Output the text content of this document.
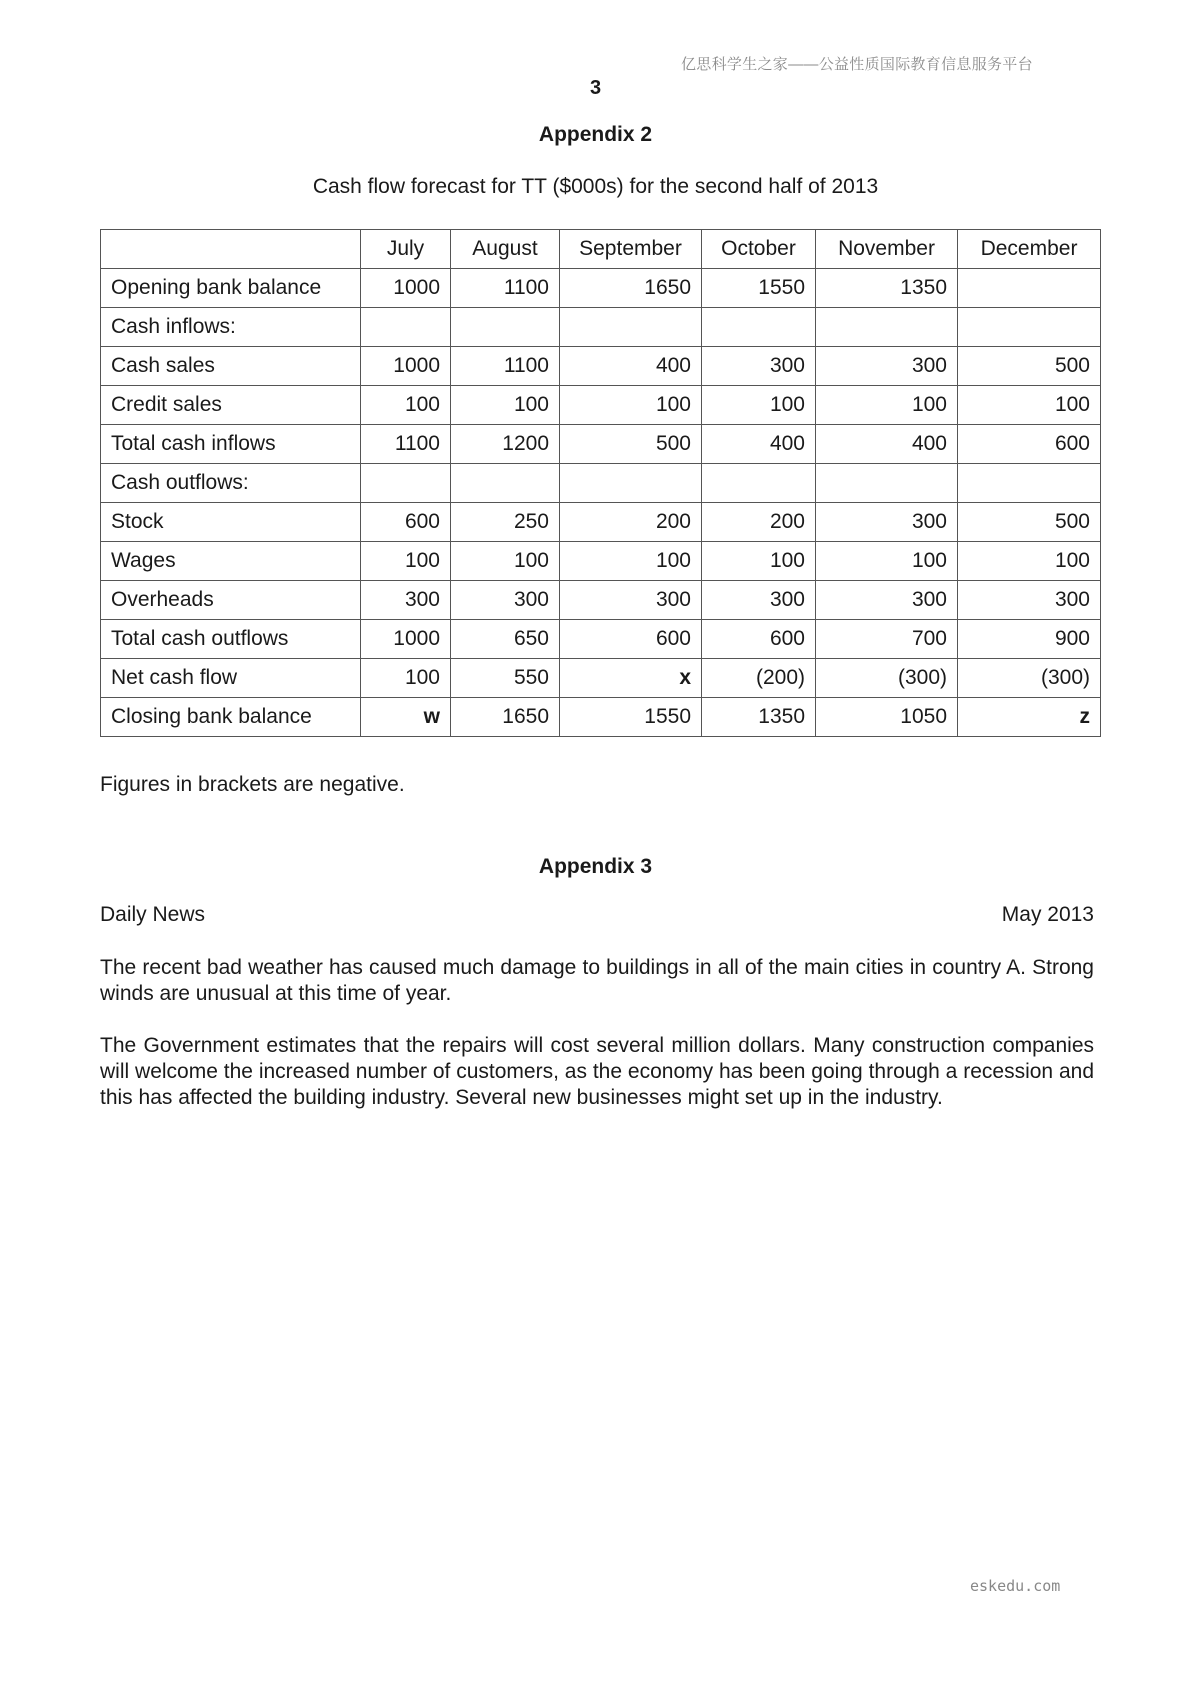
亿思科学生之家——公益性质国际教育信息服务平台
3
Appendix 2
Cash flow forecast for TT ($000s) for the second half of 2013
	July	August	September	October	November	December
Opening bank balance	1000	1100	1650	1550	1350	
Cash inflows:						
Cash sales	1000	1100	400	300	300	500
Credit sales	100	100	100	100	100	100
Total cash inflows	1100	1200	500	400	400	600
Cash outflows:						
Stock	600	250	200	200	300	500
Wages	100	100	100	100	100	100
Overheads	300	300	300	300	300	300
Total cash outflows	1000	650	600	600	700	900
Net cash flow	100	550	x	(200)	(300)	(300)
Closing bank balance	w	1650	1550	1350	1050	z
Figures in brackets are negative.
Appendix 3
Daily News	May 2013
The recent bad weather has caused much damage to buildings in all of the main cities in country A. Strong winds are unusual at this time of year.
The Government estimates that the repairs will cost several million dollars. Many construction companies will welcome the increased number of customers, as the economy has been going through a recession and this has affected the building industry. Several new businesses might set up in the industry.
eskedu.com
